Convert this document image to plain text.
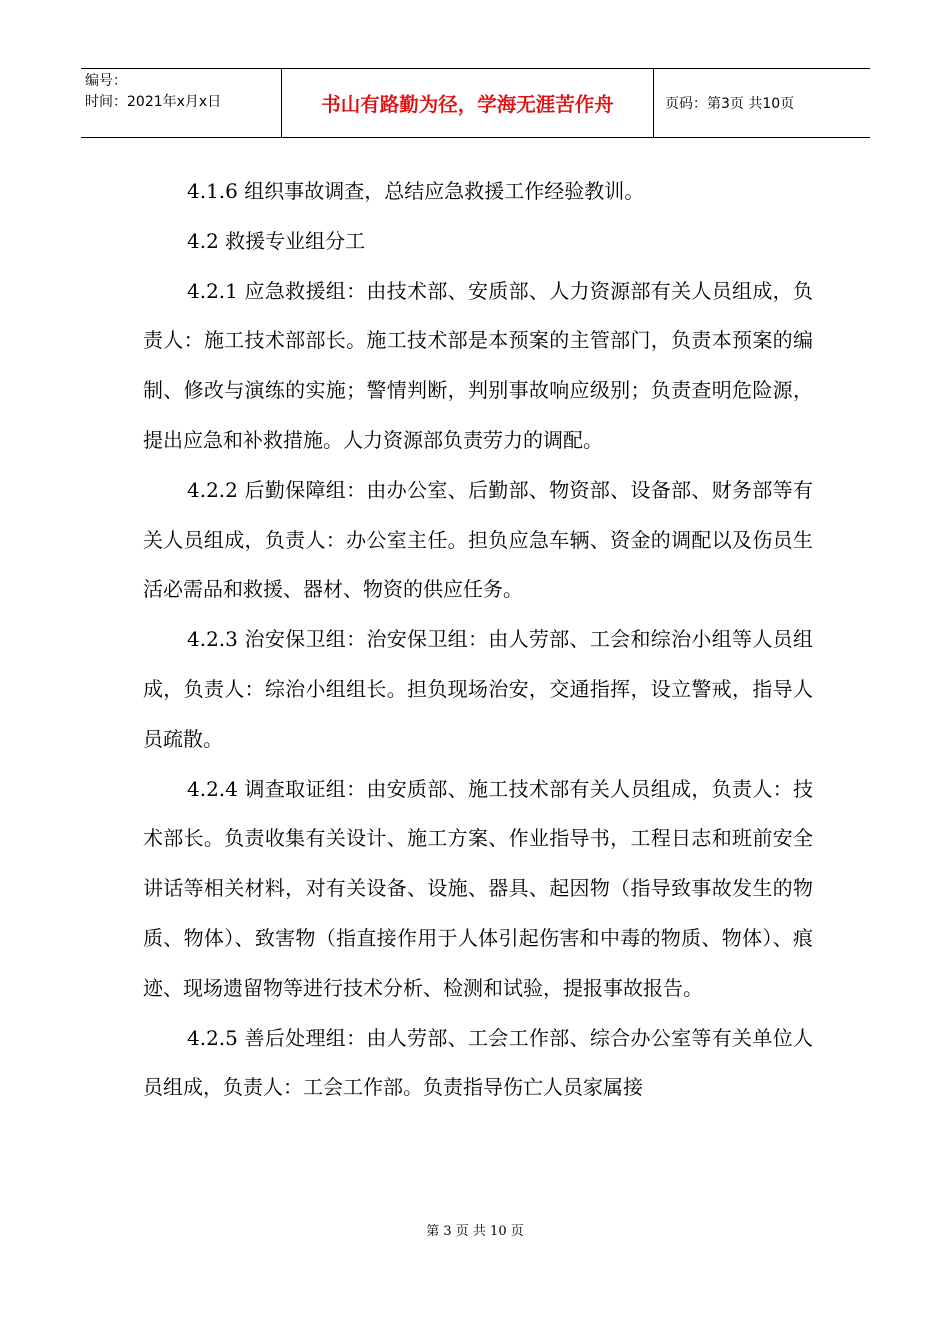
编号：
时间：2021年x月x日	书山有路勤为径，学海无涯苦作舟	页码：第3页 共10页

4.1.6 组织事故调查，总结应急救援工作经验教训。

4.2 救援专业组分工

4.2.1 应急救援组：由技术部、安质部、人力资源部有关人员组成，负责人：施工技术部部长。施工技术部是本预案的主管部门，负责本预案的编制、修改与演练的实施；警情判断，判别事故响应级别；负责查明危险源，提出应急和补救措施。人力资源部负责劳力的调配。

4.2.2 后勤保障组：由办公室、后勤部、物资部、设备部、财务部等有关人员组成，负责人：办公室主任。担负应急车辆、资金的调配以及伤员生活必需品和救援、器材、物资的供应任务。

4.2.3 治安保卫组：治安保卫组：由人劳部、工会和综治小组等人员组成，负责人：综治小组组长。担负现场治安，交通指挥，设立警戒，指导人员疏散。

4.2.4 调查取证组：由安质部、施工技术部有关人员组成，负责人：技术部长。负责收集有关设计、施工方案、作业指导书，工程日志和班前安全讲话等相关材料，对有关设备、设施、器具、起因物（指导致事故发生的物质、物体）、致害物（指直接作用于人体引起伤害和中毒的物质、物体）、痕迹、现场遗留物等进行技术分析、检测和试验，提报事故报告。

4.2.5 善后处理组：由人劳部、工会工作部、综合办公室等有关单位人员组成，负责人：工会工作部。负责指导伤亡人员家属接

第 3 页 共 10 页
